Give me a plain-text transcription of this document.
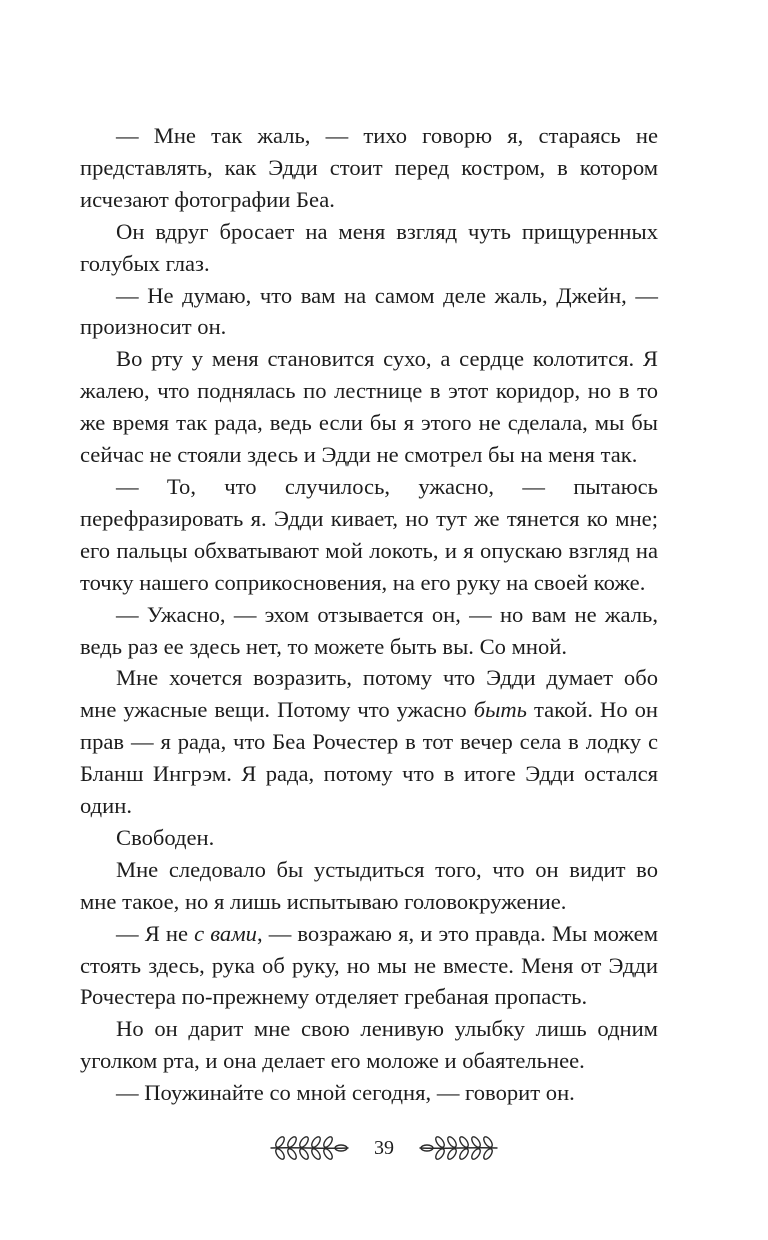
— Мне так жаль, — тихо говорю я, стараясь не представлять, как Эдди стоит перед костром, в котором исчезают фотографии Беа.

Он вдруг бросает на меня взгляд чуть прищуренных голубых глаз.

— Не думаю, что вам на самом деле жаль, Джейн, — произносит он.

Во рту у меня становится сухо, а сердце колотится. Я жалею, что поднялась по лестнице в этот коридор, но в то же время так рада, ведь если бы я этого не сделала, мы бы сейчас не стояли здесь и Эдди не смотрел бы на меня так.

— То, что случилось, ужасно, — пытаюсь перефразировать я. Эдди кивает, но тут же тянется ко мне; его пальцы обхватывают мой локоть, и я опускаю взгляд на точку нашего соприкосновения, на его руку на своей коже.

— Ужасно, — эхом отзывается он, — но вам не жаль, ведь раз ее здесь нет, то можете быть вы. Со мной.

Мне хочется возразить, потому что Эдди думает обо мне ужасные вещи. Потому что ужасно быть такой. Но он прав — я рада, что Беа Рочестер в тот вечер села в лодку с Бланш Ингрэм. Я рада, потому что в итоге Эдди остался один.

Свободен.

Мне следовало бы устыдиться того, что он видит во мне такое, но я лишь испытываю головокружение.

— Я не с вами, — возражаю я, и это правда. Мы можем стоять здесь, рука об руку, но мы не вместе. Меня от Эдди Рочестера по-прежнему отделяет гребаная пропасть.

Но он дарит мне свою ленивую улыбку лишь одним уголком рта, и она делает его моложе и обаятельнее.

— Поужинайте со мной сегодня, — говорит он.

39
